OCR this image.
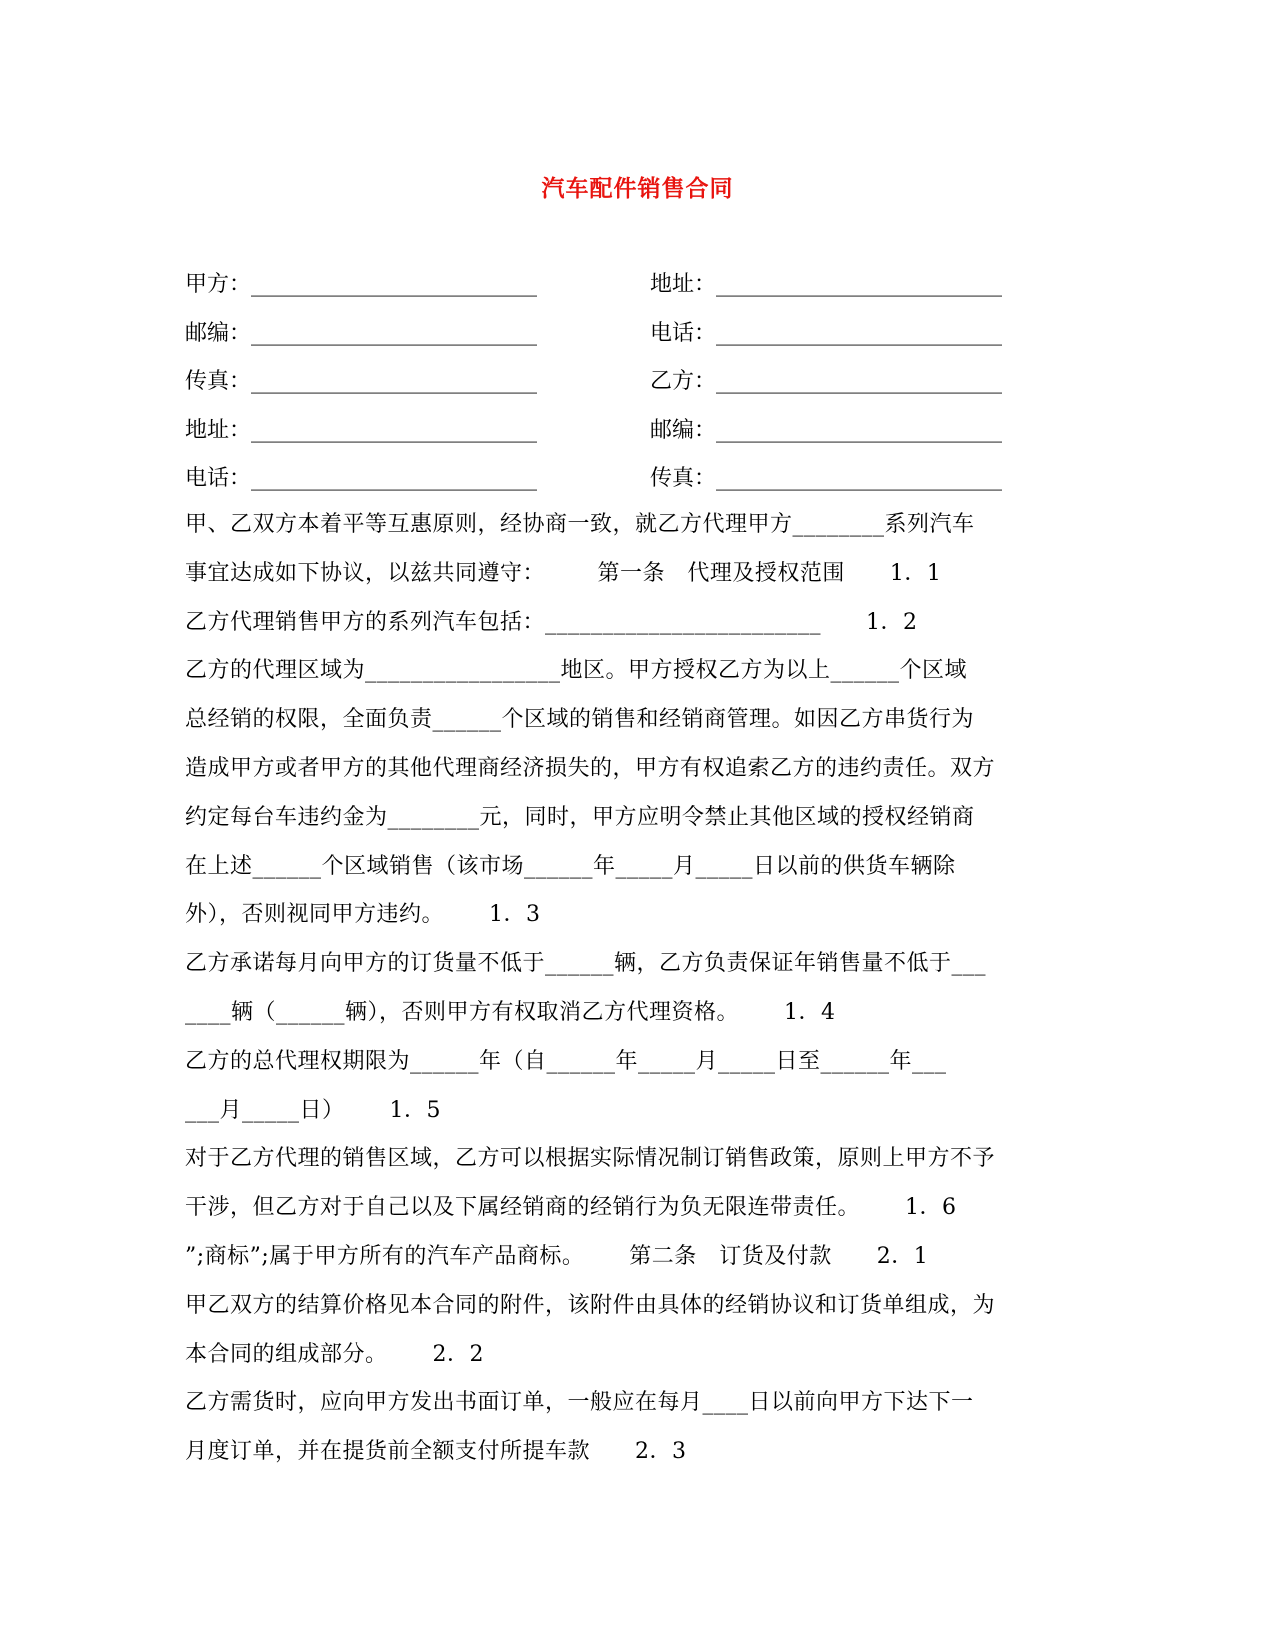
汽车配件销售合同
甲方：__________________________	地址：__________________________
邮编：__________________________	电话：__________________________
传真：__________________________	乙方：__________________________
地址：__________________________	邮编：__________________________
电话：__________________________	传真：__________________________
甲、乙双方本着平等互惠原则，经协商一致，就乙方代理甲方________系列汽车
事宜达成如下协议，以兹共同遵守：       第一条   代理及授权范围      1．1
乙方代理销售甲方的系列汽车包括：________________________      1．2
乙方的代理区域为_________________地区。甲方授权乙方为以上______个区域
总经销的权限，全面负责______个区域的销售和经销商管理。如因乙方串货行为
造成甲方或者甲方的其他代理商经济损失的，甲方有权追索乙方的违约责任。双方
约定每台车违约金为________元，同时，甲方应明令禁止其他区域的授权经销商
在上述______个区域销售（该市场______年_____月_____日以前的供货车辆除
外），否则视同甲方违约。      1．3
乙方承诺每月向甲方的订货量不低于______辆，乙方负责保证年销售量不低于___
____辆（______辆），否则甲方有权取消乙方代理资格。      1．4
乙方的总代理权期限为______年（自______年_____月_____日至______年___
___月_____日）      1．5
对于乙方代理的销售区域，乙方可以根据实际情况制订销售政策，原则上甲方不予
干涉，但乙方对于自己以及下属经销商的经销行为负无限连带责任。      1．6
”;商标”;属于甲方所有的汽车产品商标。      第二条   订货及付款      2．1
甲乙双方的结算价格见本合同的附件，该附件由具体的经销协议和订货单组成，为
本合同的组成部分。      2．2
乙方需货时，应向甲方发出书面订单，一般应在每月____日以前向甲方下达下一
月度订单，并在提货前全额支付所提车款      2．3
